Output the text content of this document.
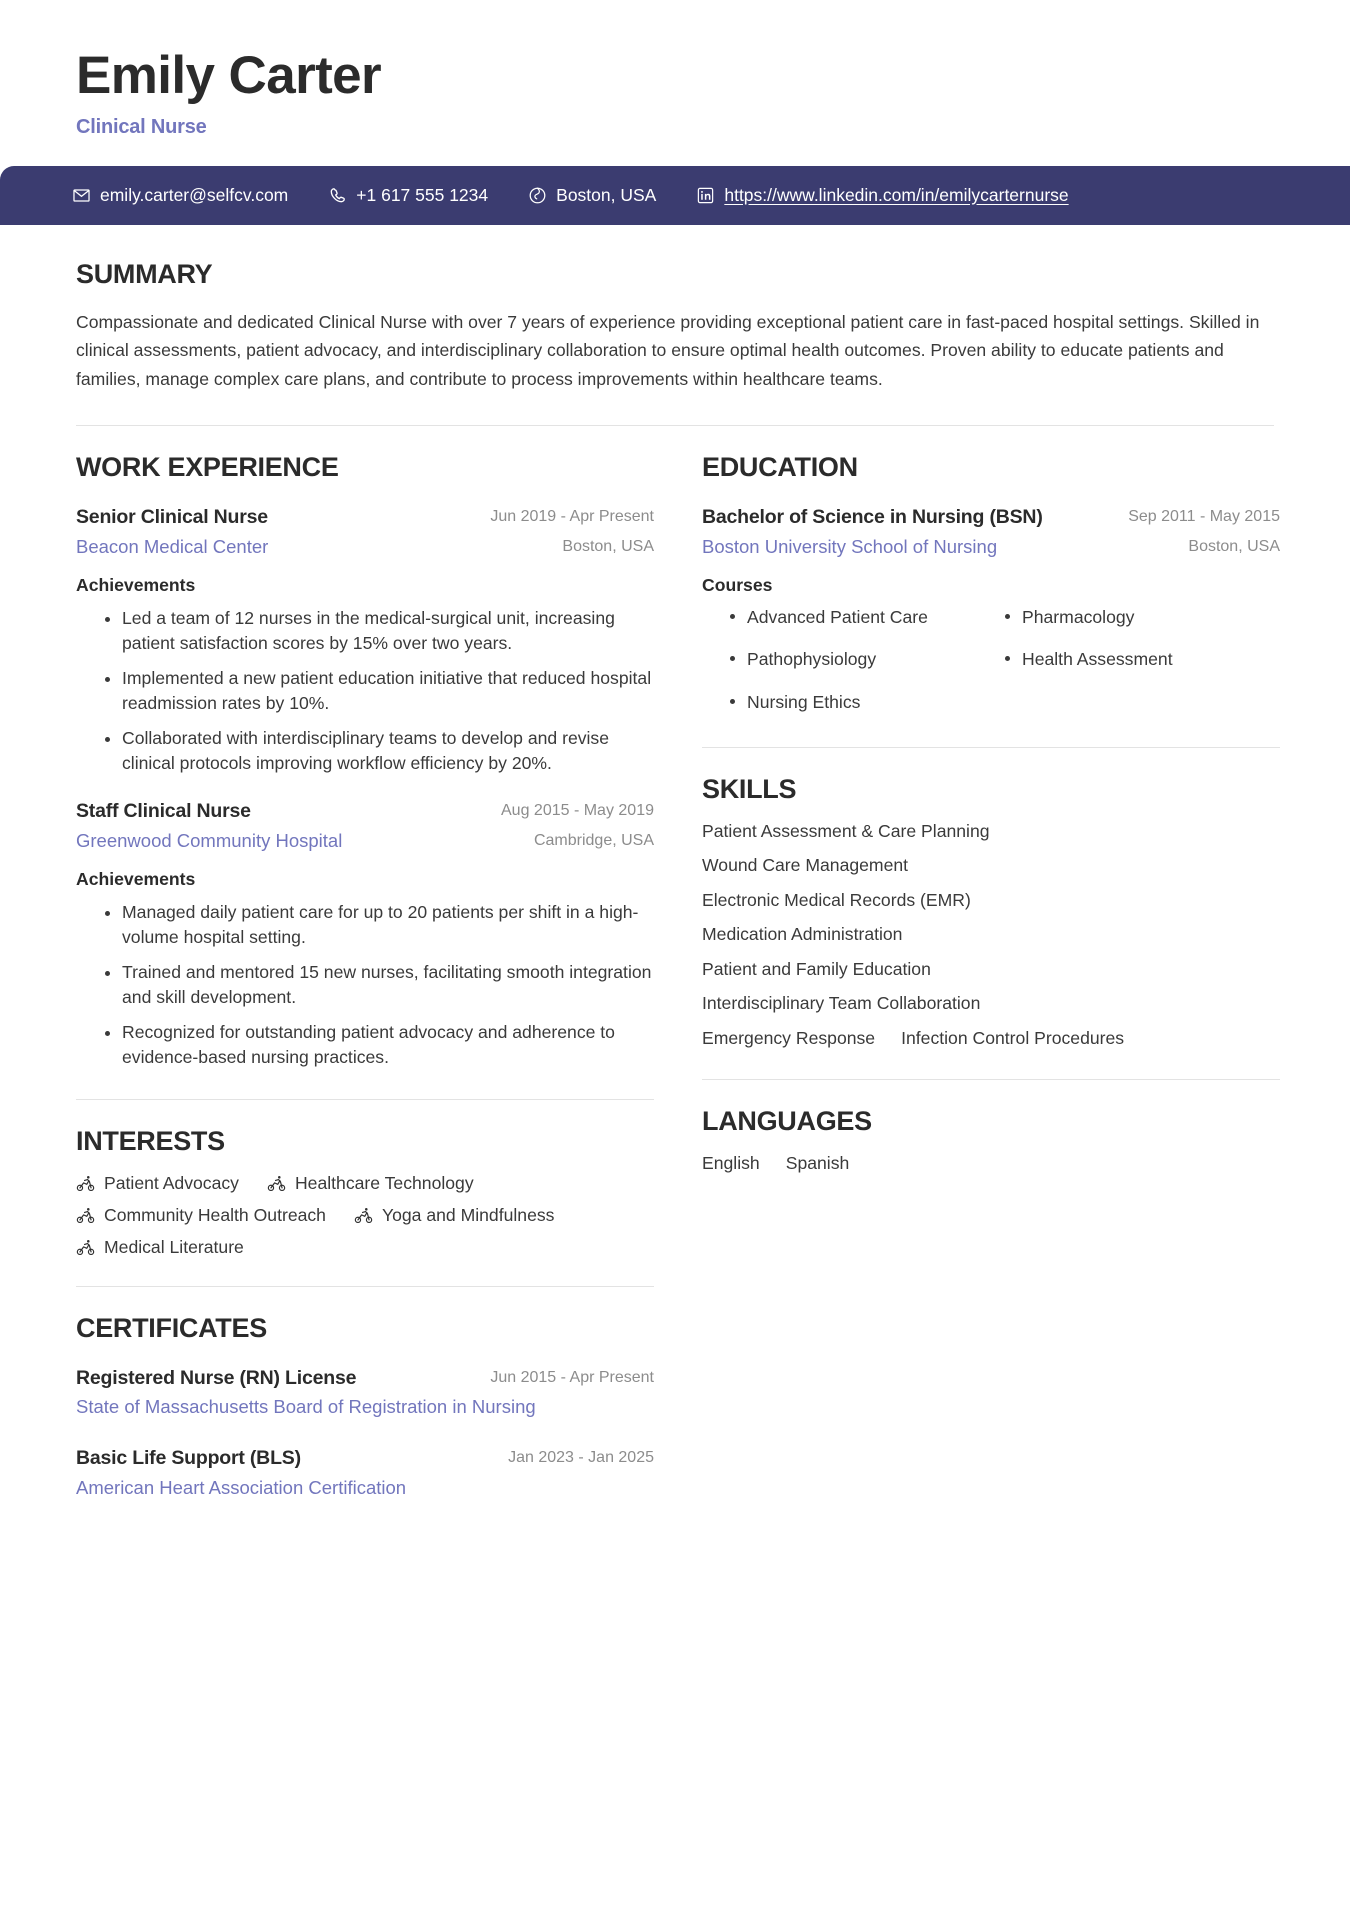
Emily Carter
Clinical Nurse
emily.carter@selfcv.com	+1 617 555 1234	Boston, USA	https://www.linkedin.com/in/emilycarternurse
SUMMARY

Compassionate and dedicated Clinical Nurse with over 7 years of experience providing exceptional patient care in fast-paced hospital settings. Skilled in clinical assessments, patient advocacy, and interdisciplinary collaboration to ensure optimal health outcomes. Proven ability to educate patients and families, manage complex care plans, and contribute to process improvements within healthcare teams.

WORK EXPERIENCE
Senior Clinical Nurse	Jun 2019 - Apr Present
Beacon Medical Center	Boston, USA
Achievements
• Led a team of 12 nurses in the medical-surgical unit, increasing patient satisfaction scores by 15% over two years.
• Implemented a new patient education initiative that reduced hospital readmission rates by 10%.
• Collaborated with interdisciplinary teams to develop and revise clinical protocols improving workflow efficiency by 20%.
Staff Clinical Nurse	Aug 2015 - May 2019
Greenwood Community Hospital	Cambridge, USA
Achievements
• Managed daily patient care for up to 20 patients per shift in a high-volume hospital setting.
• Trained and mentored 15 new nurses, facilitating smooth integration and skill development.
• Recognized for outstanding patient advocacy and adherence to evidence-based nursing practices.
INTERESTS
Patient Advocacy	Healthcare Technology
Community Health Outreach	Yoga and Mindfulness
Medical Literature
CERTIFICATES
Registered Nurse (RN) License	Jun 2015 - Apr Present
State of Massachusetts Board of Registration in Nursing
Basic Life Support (BLS)	Jan 2023 - Jan 2025
American Heart Association Certification
EDUCATION
Bachelor of Science in Nursing (BSN)	Sep 2011 - May 2015
Boston University School of Nursing	Boston, USA
Courses
Advanced Patient Care	Pharmacology
Pathophysiology	Health Assessment
Nursing Ethics
SKILLS
Patient Assessment & Care Planning
Wound Care Management
Electronic Medical Records (EMR)
Medication Administration
Patient and Family Education
Interdisciplinary Team Collaboration
Emergency Response Infection Control Procedures
LANGUAGES
English Spanish
